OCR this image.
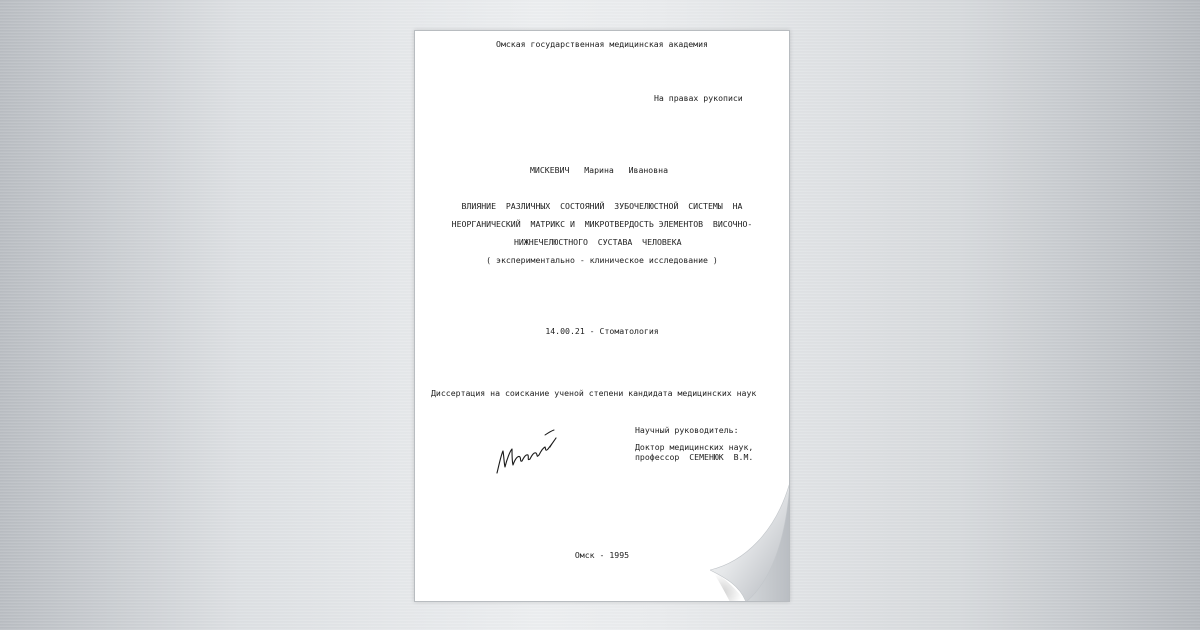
Омская государственная медицинская академия

На правах рукописи

МИСКЕВИЧ   Марина   Ивановна

ВЛИЯНИЕ  РАЗЛИЧНЫХ  СОСТОЯНИЙ  ЗУБОЧЕЛЮСТНОЙ  СИСТЕМЫ  НА

НЕОРГАНИЧЕСКИЙ  МАТРИКС И  МИКРОТВЕРДОСТЬ ЭЛЕМЕНТОВ  ВИСОЧНО-

НИЖНЕЧЕЛЮСТНОГО  СУСТАВА  ЧЕЛОВЕКА

( экспериментально - клиническое исследование )

14.00.21 - Стоматология

Диссертация на соискание ученой степени кандидата медицинских наук

Научный руководитель:

Доктор медицинских наук,

профессор  СЕМЕНЮК  В.М.

Омск - 1995
